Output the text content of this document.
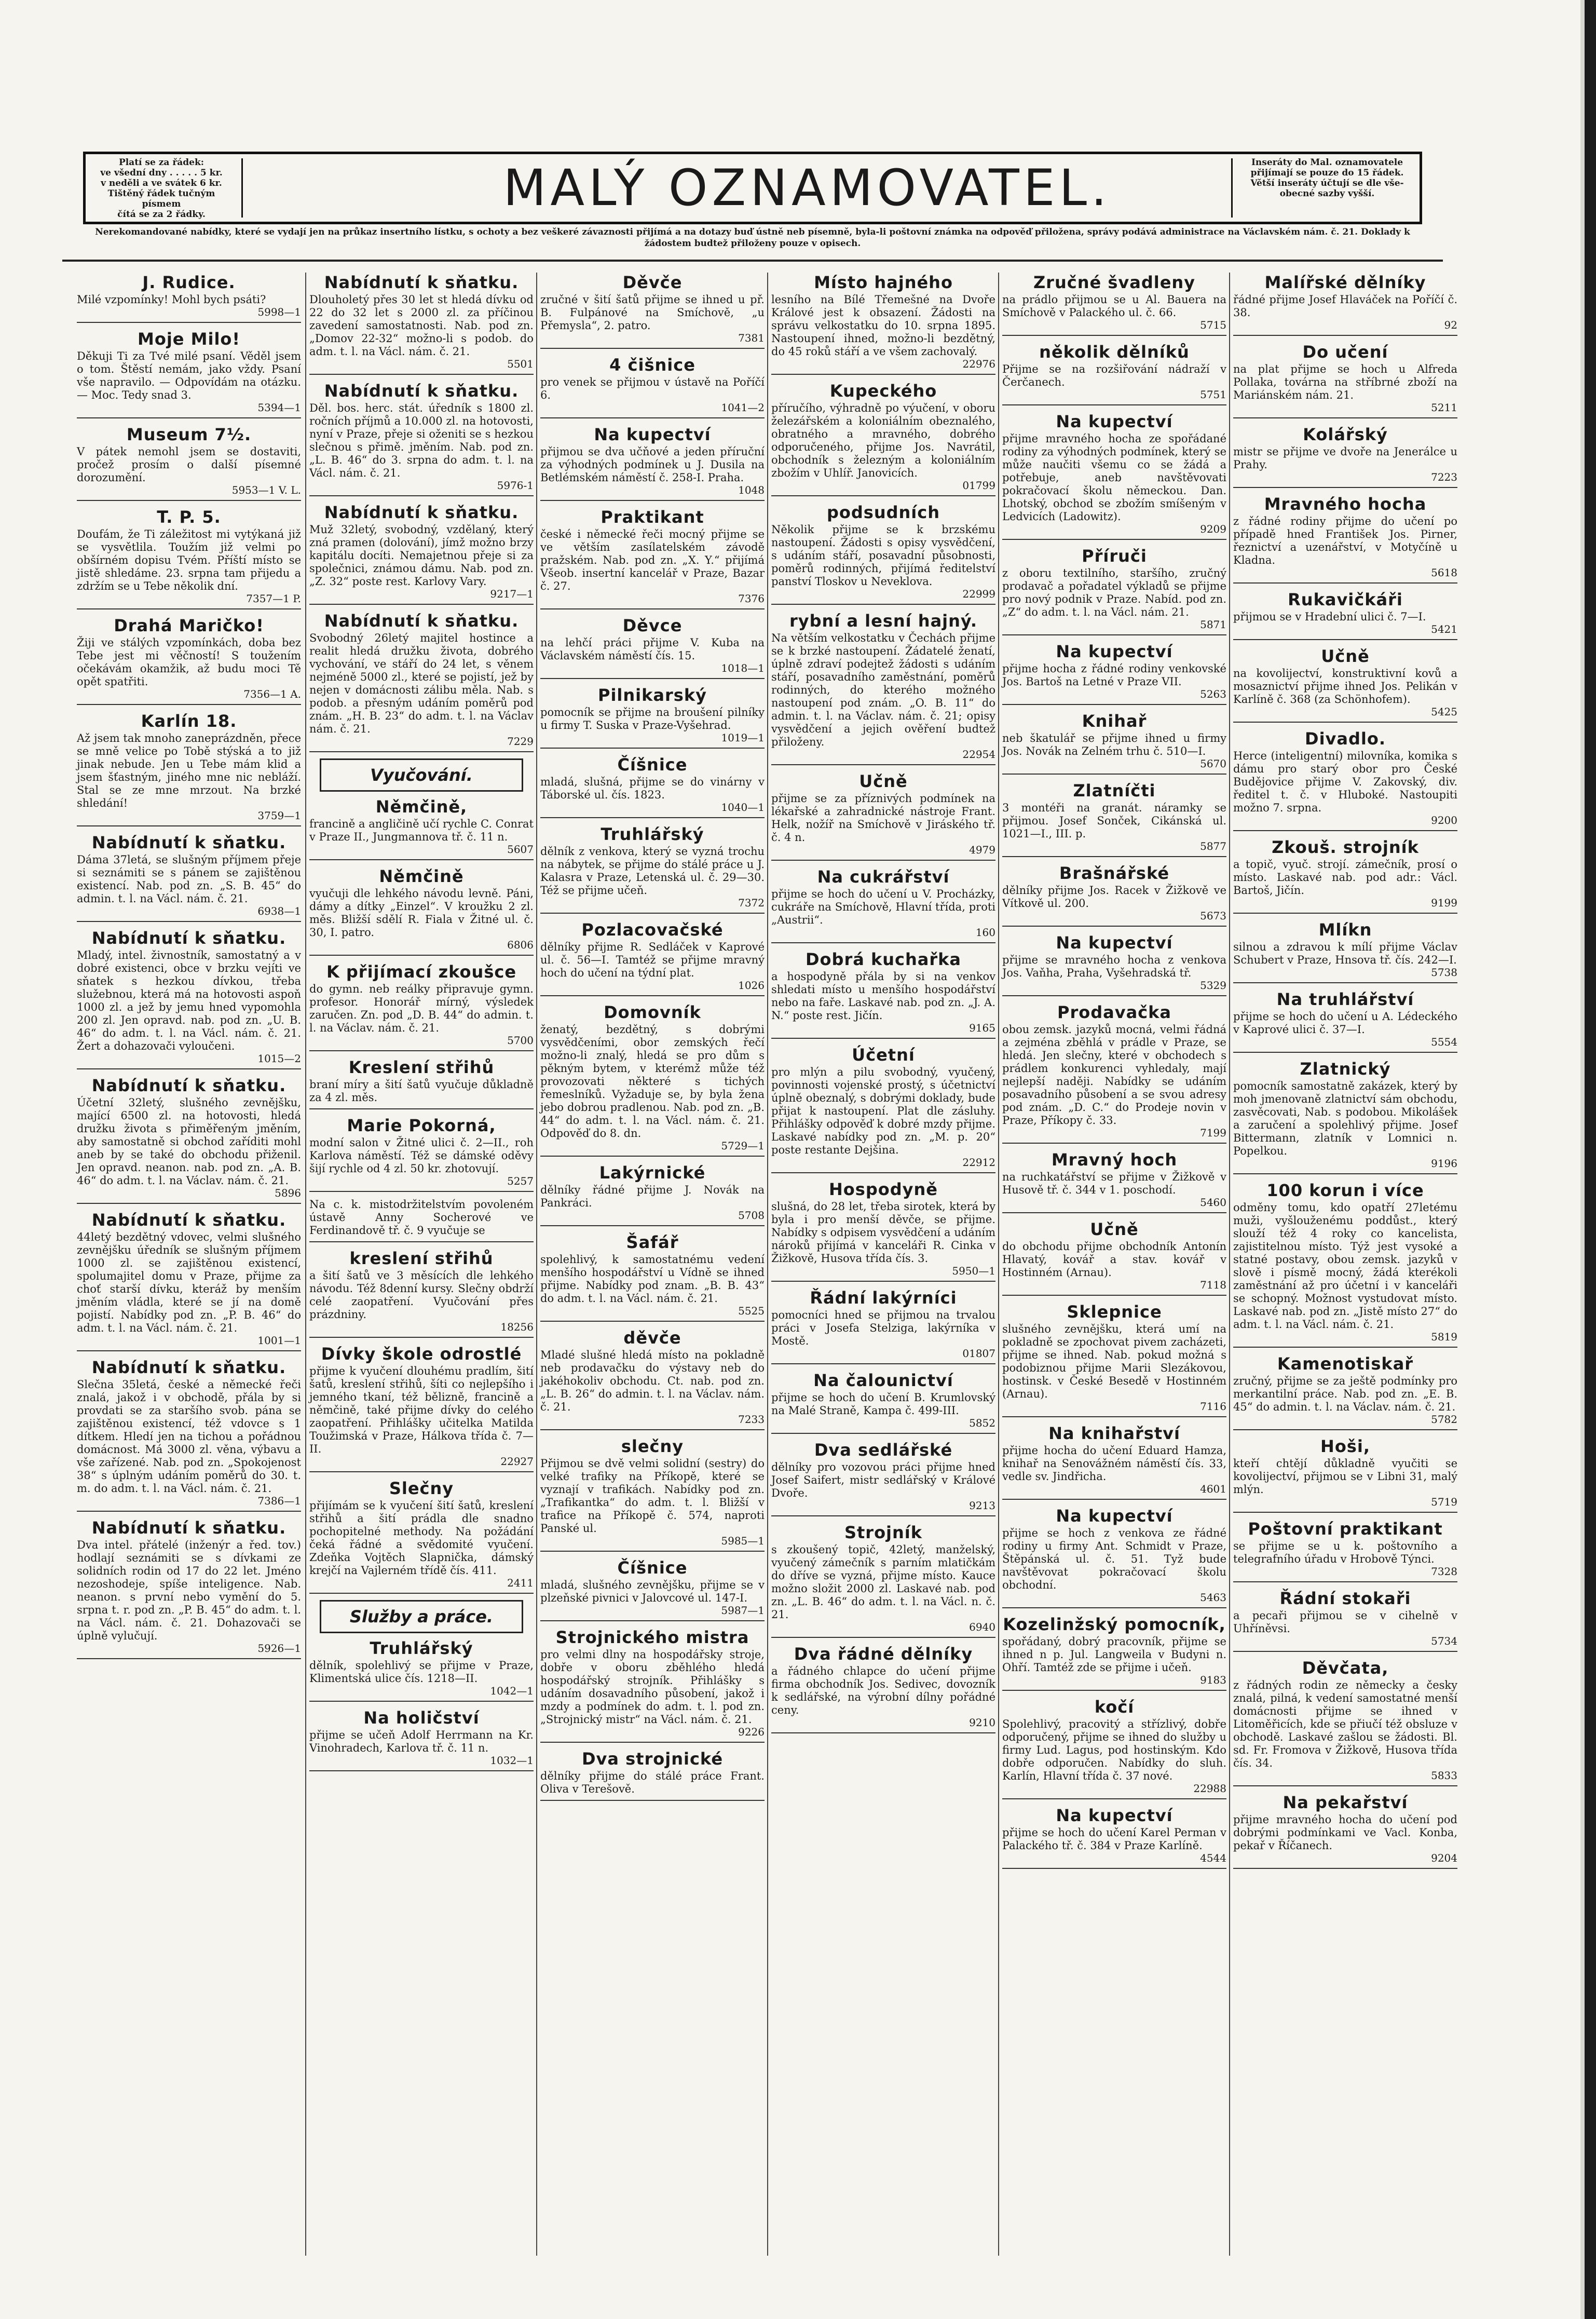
Platí se za řádek:
ve všední dny . . . . . 5 kr.
v neděli a ve svátek 6 kr.
Tištěný řádek tučným písmem
čítá se za 2 řádky.	MALÝ OZNAMOVATEL.	Inseráty do Mal. oznamovatele
přijímají se pouze do 15 řádek.
Větší inseráty účtují se dle vše-
obecné sazby vyšší.
Nerekomandované nabídky, které se vydají jen na průkaz insertního lístku, s ochoty a bez veškeré závaznosti přijímá a na dotazy buď ústně neb písemně, byla-li poštovní známka na odpověď přiložena, správy podává administrace na Václavském nám. č. 21. Doklady k žádostem budtež přiloženy pouze v opisech.
J. Rudice.

Milé vzpomínky! Mohl bych psáti?

5998—1

Moje Milo!

Děkuji Ti za Tvé milé psaní. Věděl jsem o tom. Štěstí nemám, jako vždy. Psaní vše napravilo. — Odpovídám na otázku. — Moc. Tedy snad 3.

5394—1

Museum 7½.

V pátek nemohl jsem se dostaviti, pročež prosím o další písemné dorozumění.

5953—1 V. L.

T. P. 5.

Doufám, že Ti záležitost mi vytýkaná již se vysvětlila. Toužím již velmi po obšírném dopisu Tvém. Příští místo se jistě shledáme. 23. srpna tam přijedu a zdržím se u Tebe několik dní.

7357—1 P.

Drahá Maričko!

Žiji ve stálých vzpomínkách, doba bez Tebe jest mi věčností! S toužením očekávám okamžik, až budu moci Tě opět spatřiti.

7356—1 A.

Karlín 18.

Až jsem tak mnoho zaneprázdněn, přece se mně velice po Tobě stýská a to již jinak nebude. Jen u Tebe mám klid a jsem šťastným, jiného mne nic nebláží. Stal se ze mne mrzout. Na brzké shledání!

3759—1

Nabídnutí k sňatku.

Dáma 37letá, se slušným příjmem přeje si seznámiti se s pánem se zajištěnou existencí. Nab. pod zn. „S. B. 45“ do admin. t. l. na Václ. nám. č. 21.

6938—1

Nabídnutí k sňatku.

Mladý, intel. živnostník, samostatný a v dobré existenci, obce v brzku vejíti ve sňatek s hezkou dívkou, třeba služebnou, která má na hotovosti aspoň 1000 zl. a jež by jemu hned vypomohla 200 zl. Jen opravd. nab. pod zn. „U. B. 46“ do adm. t. l. na Václ. nám. č. 21. Žert a dohazovači vyloučeni.

1015—2

Nabídnutí k sňatku.

Účetní 32letý, slušného zevnějšku, mající 6500 zl. na hotovosti, hledá družku života s přiměřeným jměním, aby samostatně si obchod zaříditi mohl aneb by se také do obchodu přiženil. Jen opravd. neanon. nab. pod zn. „A. B. 46“ do adm. t. l. na Václav. nám. č. 21.

5896

Nabídnutí k sňatku.

44letý bezdětný vdovec, velmi slušného zevnějšku úředník se slušným příjmem 1000 zl. se zajištěnou existencí, spolumajitel domu v Praze, přijme za choť starší dívku, kteráž by menším jměním vládla, které se jí na domě pojistí. Nabídky pod zn. „P. B. 46“ do adm. t. l. na Václ. nám. č. 21.

1001—1

Nabídnutí k sňatku.

Slečna 35letá, české a německé řeči znalá, jakož i v obchodě, přála by si provdati se za staršího svob. pána se zajištěnou existencí, též vdovce s 1 dítkem. Hledí jen na tichou a pořádnou domácnost. Má 3000 zl. věna, výbavu a vše zařízené. Nab. pod zn. „Spokojenost 38“ s úplným udáním poměrů do 30. t. m. do adm. t. l. na Václ. nám. č. 21.

7386—1

Nabídnutí k sňatku.

Dva intel. přátelé (inženýr a řed. tov.) hodlají seznámiti se s dívkami ze solidních rodin od 17 do 22 let. Jméno nezoshodeje, spíše inteligence. Nab. neanon. s první nebo vymění do 5. srpna t. r. pod zn. „P. B. 45“ do adm. t. l. na Václ. nám. č. 21. Dohazovači se úplně vylučují.

5926—1

Nabídnutí k sňatku.

Dlouholetý přes 30 let st hledá dívku od 22 do 32 let s 2000 zl. za příčinou zavedení samostatnosti. Nab. pod zn. „Domov 22-32“ možno-li s podob. do adm. t. l. na Václ. nám. č. 21.

5501

Nabídnutí k sňatku.

Děl. bos. herc. stát. úředník s 1800 zl. ročních příjmů a 10.000 zl. na hotovosti, nyní v Praze, přeje si oženiti se s hezkou slečnou s přimě. jměním. Nab. pod zn. „L. B. 46“ do 3. srpna do adm. t. l. na Václ. nám. č. 21.

5976-1

Nabídnutí k sňatku.

Muž 32letý, svobodný, vzdělaný, který zná pramen (dolování), jímž možno brzy kapitálu docíti. Nemajetnou přeje si za společnici, známou dámu. Nab. pod zn. „Z. 32“ poste rest. Karlovy Vary.

9217—1

Nabídnutí k sňatku.

Svobodný 26letý majitel hostince a realit hledá družku života, dobrého vychování, ve stáří do 24 let, s věnem nejméně 5000 zl., které se pojistí, jež by nejen v domácnosti zálibu měla. Nab. s podob. a přesným udáním poměrů pod znám. „H. B. 23“ do adm. t. l. na Václav nám. č. 21.

7229

Vyučování.
Němčině,

francině a angličině učí rychle C. Conrat v Praze II., Jungmannova tř. č. 11 n.

5607

Němčině

vyučuji dle lehkého návodu levně. Páni, dámy a dítky „Einzel“. V kroužku 2 zl. měs. Bližší sdělí R. Fiala v Žitné ul. č. 30, I. patro.

6806

K přijímací zkoušce

do gymn. neb reálky připravuje gymn. profesor. Honorář mírný, výsledek zaručen. Zn. pod „D. B. 44“ do admin. t. l. na Václav. nám. č. 21.

5700

Kreslení střihů

braní míry a šití šatů vyučuje důkladně za 4 zl. měs.

Marie Pokorná,

modní salon v Žitné ulici č. 2—II., roh Karlova náměstí. Též se dámské oděvy šijí rychle od 4 zl. 50 kr. zhotovují.

5257

Na c. k. mistodržitelstvím povoleném ústavě Anny Socherové ve Ferdinandově tř. č. 9 vyučuje se

kreslení střihů

a šití šatů ve 3 měsících dle lehkého návodu. Též 8denní kursy. Slečny obdrží celé zaopatření. Vyučování přes prázdniny.

18256

Dívky škole odrostlé

přijme k vyučení dlouhému pradlím, šití šatů, kreslení střihů, šíti co nejlepšího i jemného tkaní, též bělizně, francině a němčině, také přijme dívky do celého zaopatření. Přihlášky učitelka Matilda Toužimská v Praze, Hálkova třída č. 7—II.

22927

Slečny

přijímám se k vyučení šití šatů, kreslení střihů a šití prádla dle snadno pochopitelné methody. Na požádání čeká řádné a svědomité vyučení. Zdeňka Vojtěch Slapnička, dámský krejčí na Vajlerném třídě čís. 411.

2411

Služby a práce.
Truhlářský

dělník, spolehlivý se přijme v Praze, Klimentská ulice čís. 1218—II.

1042—1

Na holičství

přijme se učeň Adolf Herrmann na Kr. Vinohradech, Karlova tř. č. 11 n.

1032—1

Děvče

zručné v šití šatů přijme se ihned u př. B. Fulpánové na Smíchově, „u Přemysla“, 2. patro.

7381

4 čišnice

pro venek se přijmou v ústavě na Poříčí 6.

1041—2

Na kupectví

přijmou se dva učňové a jeden příruční za výhodných podmínek u J. Dusila na Betlémském náměstí č. 258-I. Praha.

1048

Praktikant

české i německé řeči mocný přijme se ve větším zasílatelském závodě pražském. Nab. pod zn. „X. Y.“ přijímá Všeob. insertní kancelář v Praze, Bazar č. 27.

7376

Děvce

na lehčí práci přijme V. Kuba na Václavském náměstí čís. 15.

1018—1

Pilnikarský

pomocník se přijme na broušení pilníky u firmy T. Suska v Praze-Vyšehrad.

1019—1

Číšnice

mladá, slušná, přijme se do vinárny v Táborské ul. čís. 1823.

1040—1

Truhlářský

dělník z venkova, který se vyzná trochu na nábytek, se přijme do stálé práce u J. Kalasra v Praze, Letenská ul. č. 29—30. Též se přijme učeň.

7372

Pozlacovačské

dělníky přijme R. Sedláček v Kaprové ul. č. 56—I. Tamtéž se přijme mravný hoch do učení na týdní plat.

1026

Domovník

ženatý, bezdětný, s dobrými vysvědčeními, obor zemských řečí možno-li znalý, hledá se pro dům s pěkným bytem, v kterémž může též provozovati některé s tichých řemeslníků. Vyžaduje se, by byla žena jebo dobrou pradlenou. Nab. pod zn. „B. 44“ do adm. t. l. na Václ. nám. č. 21. Odpověď do 8. dn.

5729—1

Lakýrnické

dělníky řádné přijme J. Novák na Pankráci.

5708

Šafář

spolehlivý, k samostatnému vedení menšího hospodářství u Vídně se ihned přijme. Nabídky pod znam. „B. B. 43“ do adm. t. l. na Václ. nám. č. 21.

5525

děvče

Mladé slušné hledá místo na pokladně neb prodavačku do výstavy neb do jakéhokoliv obchodu. Ct. nab. pod zn. „L. B. 26“ do admin. t. l. na Václav. nám. č. 21.

7233

slečny

Přijmou se dvě velmi solidní (sestry) do velké trafiky na Příkopě, které se vyznají v trafikách. Nabídky pod zn. „Trafikantka“ do adm. t. l. Bližší v trafice na Příkopě č. 574, naproti Panské ul.

5985—1

Číšnice

mladá, slušného zevnějšku, přijme se v plzeňské pivnici v Jalovcové ul. 147-I.

5987—1

Strojnického mistra

pro velmi dlny na hospodářsky stroje, dobře v oboru zběhlého hledá hospodářský strojník. Přihlášky s udáním dosavadního působení, jakož i mzdy a podmínek do adm. t. l. pod zn. „Strojnický mistr“ na Václ. nám. č. 21.

9226

Dva strojnické

dělníky přijme do stálé práce Frant. Oliva v Terešově.

Místo hajného

lesního na Bílé Třemešné na Dvoře Králové jest k obsazení. Žádosti na správu velkostatku do 10. srpna 1895. Nastoupení ihned, možno-li bezdětný, do 45 roků stáří a ve všem zachovalý.

22976

Kupeckého

příručího, výhradně po výučení, v oboru železářském a koloniálním obeznalého, obratného a mravného, dobrého odporučeného, přijme Jos. Navrátil, obchodník s železným a koloniálním zbožím v Uhlíř. Janovicích.

01799

podsudních

Několik přijme se k brzskému nastoupení. Žádosti s opisy vysvědčení, s udáním stáří, posavadní působnosti, poměrů rodinných, přijímá ředitelství panství Tloskov u Neveklova.

22999

rybní a lesní hajný.

Na větším velkostatku v Čechách přijme se k brzké nastoupení. Žádatelé ženatí, úplně zdraví podejtež žádosti s udáním stáří, posavadního zaměstnání, poměrů rodinných, do kterého možného nastoupení pod znám. „O. B. 11“ do admin. t. l. na Václav. nám. č. 21; opisy vysvědčení a jejich ověření budtež přiloženy.

22954

Učně

přijme se za příznivých podmínek na lékařské a zahradnické nástroje Frant. Helk, nožíř na Smíchově v Jiráského tř. č. 4 n.

4979

Na cukrářství

přijme se hoch do učení u V. Procházky, cukráře na Smíchově, Hlavní třída, proti „Austrii“.

160

Dobrá kuchařka

a hospodyně přála by si na venkov shledati místo u menšího hospodářství nebo na faře. Laskavé nab. pod zn. „J. A. N.“ poste rest. Jičín.

9165

Účetní

pro mlýn a pilu svobodný, vyučený, povinnosti vojenské prostý, s účetnictví úplně obeznalý, s dobrými doklady, bude přijat k nastoupení. Plat dle zásluhy. Přihlášky odpověď k dobré mzdy přijme. Laskavé nabídky pod zn. „M. p. 20“ poste restante Dejšina.

22912

Hospodyně

slušná, do 28 let, třeba sirotek, která by byla i pro menší děvče, se přijme. Nabídky s odpisem vysvědčení a udáním nároků přijímá v kanceláři R. Cinka v Žižkově, Husova třída čís. 3.

5950—1

Řádní lakýrníci

pomocníci hned se přijmou na trvalou práci v Josefa Stelziga, lakýrníka v Mostě.

01807

Na čalounictví

přijme se hoch do učení B. Krumlovský na Malé Straně, Kampa č. 499-III.

5852

Dva sedlářské

dělníky pro vozovou práci přijme hned Josef Saifert, mistr sedlářský v Králové Dvoře.

9213

Strojník

s zkoušený topič, 42letý, manželský, vyučený zámečník s parním mlatičkám do dříve se vyzná, přijme místo. Kauce možno složit 2000 zl. Laskavé nab. pod zn. „L. B. 46“ do adm. t. l. na Václ. n. č. 21.

6940

Dva řádné dělníky

a řádného chlapce do učení přijme firma obchodník Jos. Sedivec, dovozník k sedlářské, na výrobní dílny pořádné ceny.

9210

Zručné švadleny

na prádlo přijmou se u Al. Bauera na Smíchově v Palackého ul. č. 66.

5715

několik dělníků

Přijme se na rozšiřování nádraží v Čerčanech.

5751

Na kupectví

přijme mravného hocha ze spořádané rodiny za výhodných podmínek, který se může naučiti všemu co se žádá a potřebuje, aneb navštěvovati pokračovací školu německou. Dan. Lhotský, obchod se zbožím smíšeným v Ledvicích (Ladowitz).

9209

Příruči

z oboru textilního, staršího, zručný prodavač a pořadatel výkladů se přijme pro nový podnik v Praze. Nabíd. pod zn. „Z“ do adm. t. l. na Václ. nám. 21.

5871

Na kupectví

přijme hocha z řádné rodiny venkovské Jos. Bartoš na Letné v Praze VII.

5263

Knihař

neb škatulář se přijme ihned u firmy Jos. Novák na Zelném trhu č. 510—I.

5670

Zlatníčti

3 montéři na granát. náramky se přijmou. Josef Sonček, Cikánská ul. 1021—I., III. p.

5877

Brašnářské

dělníky přijme Jos. Racek v Žižkově ve Vítkově ul. 200.

5673

Na kupectví

přijme se mravného hocha z venkova Jos. Vaňha, Praha, Vyšehradská tř.

5329

Prodavačka

obou zemsk. jazyků mocná, velmi řádná a zejména zběhlá v prádle v Praze, se hledá. Jen slečny, které v obchodech s prádlem konkurenci vyhledaly, mají nejlepší naději. Nabídky se udáním posavadního působení a se svou adresy pod znám. „D. C.“ do Prodeje novin v Praze, Příkopy č. 33.

7199

Mravný hoch

na ruchkatářství se přijme v Žižkově v Husově tř. č. 344 v 1. poschodí.

5460

Učně

do obchodu přijme obchodník Antonín Hlavatý, kovář a stav. kovář v Hostinném (Arnau).

7118

Sklepnice

slušného zevnějšku, která umí na pokladně se zpochovat pivem zacházeti, přijme se ihned. Nab. pokud možná s podobiznou přijme Marii Slezákovou, hostinsk. v České Besedě v Hostinném (Arnau).

7116

Na knihařství

přijme hocha do učení Eduard Hamza, knihař na Senovážném náměstí čís. 33, vedle sv. Jindřicha.

4601

Na kupectví

přijme se hoch z venkova ze řádné rodiny u firmy Ant. Schmidt v Praze, Štěpánská ul. č. 51. Tyž bude navštěvovat pokračovací školu obchodní.

5463

Kozelinžský pomocník,

spořádaný, dobrý pracovník, přijme se ihned n p. Jul. Langweila v Budyni n. Ohří. Tamtéž zde se přijme i učeň.

9183

kočí

Spolehlivý, pracovitý a střízlivý, dobře odporučený, přijme se ihned do služby u firmy Lud. Lagus, pod hostinským. Kdo dobře odporučen. Nabídky do sluh. Karlín, Hlavní třída č. 37 nové.

22988

Na kupectví

přijme se hoch do učení Karel Perman v Palackého tř. č. 384 v Praze Karlíně.

4544

Malířské dělníky

řádné přijme Josef Hlaváček na Poříčí č. 38.

92

Do učení

na plat přijme se hoch u Alfreda Pollaka, továrna na stříbrné zboží na Mariánském nám. 21.

5211

Kolářský

mistr se přijme ve dvoře na Jenerálce u Prahy.

7223

Mravného hocha

z řádné rodiny přijme do učení po případě hned František Jos. Pirner, řeznictví a uzenářství, v Motyčíně u Kladna.

5618

Rukavičkáři

přijmou se v Hradební ulici č. 7—I.

5421

Učně

na kovolijectví, konstruktivní kovů a mosaznictví přijme ihned Jos. Pelikán v Karlíně č. 368 (za Schönhofem).

5425

Divadlo.

Herce (inteligentní) milovníka, komika s dámu pro starý obor pro České Budějovice přijme V. Zakovský, div. ředitel t. č. v Hluboké. Nastoupiti možno 7. srpna.

9200

Zkouš. strojník

a topič, vyuč. strojí. zámečník, prosí o místo. Laskavé nab. pod adr.: Václ. Bartoš, Jičín.

9199

Mlíkn

silnou a zdravou k mílí přijme Václav Schubert v Praze, Hnsova tř. čís. 242—I.

5738

Na truhlářství

přijme se hoch do učení u A. Lédeckého v Kaprové ulici č. 37—I.

5554

Zlatnický

pomocník samostatně zakázek, který by moh jmenovaně zlatnictví sám obchodu, zasvěcovati, Nab. s podobou. Mikolášek a zaručení a spolehlivý přijme. Josef Bittermann, zlatník v Lomnici n. Popelkou.

9196

100 korun i více

odměny tomu, kdo opatří 27letému muži, vyšlouženému poddůst., který slouží též 4 roky co kancelista, zajistitelnou místo. Týž jest vysoké a statné postavy, obou zemsk. jazyků v slově i písmě mocný, žádá kterékoli zaměstnání až pro účetní i v kanceláři se schopný. Možnost vystudovat místo. Laskavé nab. pod zn. „Jistě místo 27“ do adm. t. l. na Václ. nám. č. 21.

5819

Kamenotiskař

zručný, přijme se za ještě podmínky pro merkantilní práce. Nab. pod zn. „E. B. 45“ do admin. t. l. na Václav. nám. č. 21.

5782

Hoši,

kteří chtějí důkladně vyučiti se kovolijectví, přijmou se v Libni 31, malý mlýn.

5719

Poštovní praktikant

se přijme se u k. poštovního a telegrafního úřadu v Hrobově Týnci.

7328

Řádní stokaři

a pecaři přijmou se v cihelně v Uhříněvsi.

5734

Děvčata,

z řádných rodin ze německy a česky znalá, pilná, k vedení samostatné menší domácnosti přijme se ihned v Litoměřicích, kde se přiučí též obsluze v obchodě. Laskavé zašlou se žádosti. Bl. sd. Fr. Fromova v Žižkově, Husova třída čís. 34.

5833

Na pekařství

přijme mravného hocha do učení pod dobrými podmínkami ve Vacl. Konba, pekař v Říčanech.

9204
